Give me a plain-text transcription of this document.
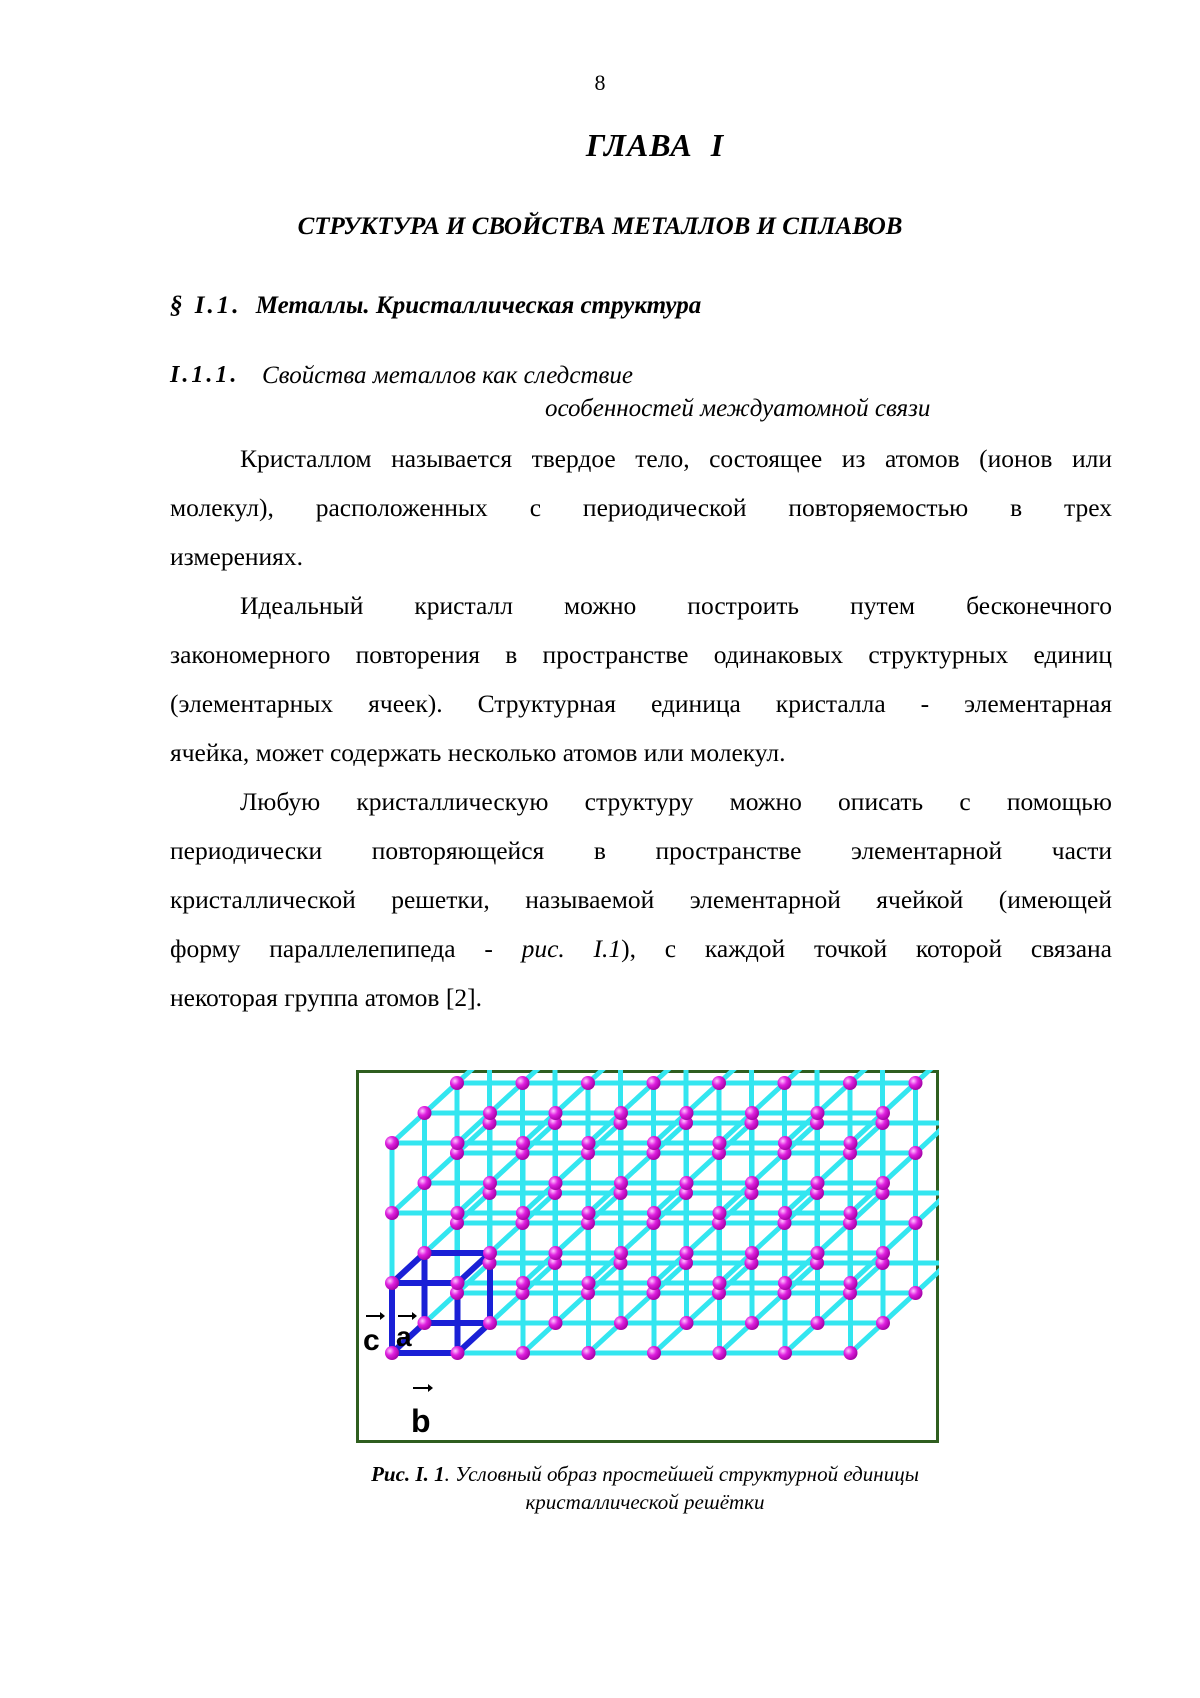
8
ГЛАВА  I
СТРУКТУРА И СВОЙСТВА МЕТАЛЛОВ И СПЛАВОВ
§ I.1. Металлы. Кристаллическая структура
I.1.1. Свойства металлов как следствие
особенностей междуатомной связи
Кристаллом называется твердое тело, состоящее из атомов (ионов или
молекул), расположенных с периодической повторяемостью в трех
измерениях.
Идеальный кристалл можно построить путем бесконечного
закономерного повторения в пространстве одинаковых структурных единиц
(элементарных ячеек). Структурная единица кристалла - элементарная
ячейка, может содержать несколько атомов или молекул.
Любую кристаллическую структуру можно описать с помощью
периодически повторяющейся в пространстве элементарной части
кристаллической решетки, называемой элементарной ячейкой (имеющей
форму параллелепипеда - рис. I.1), с каждой точкой которой связана
некоторая группа атомов [2].
c a
b
Рис. I. 1. Условный образ простейшей структурной единицы
кристаллической решётки
